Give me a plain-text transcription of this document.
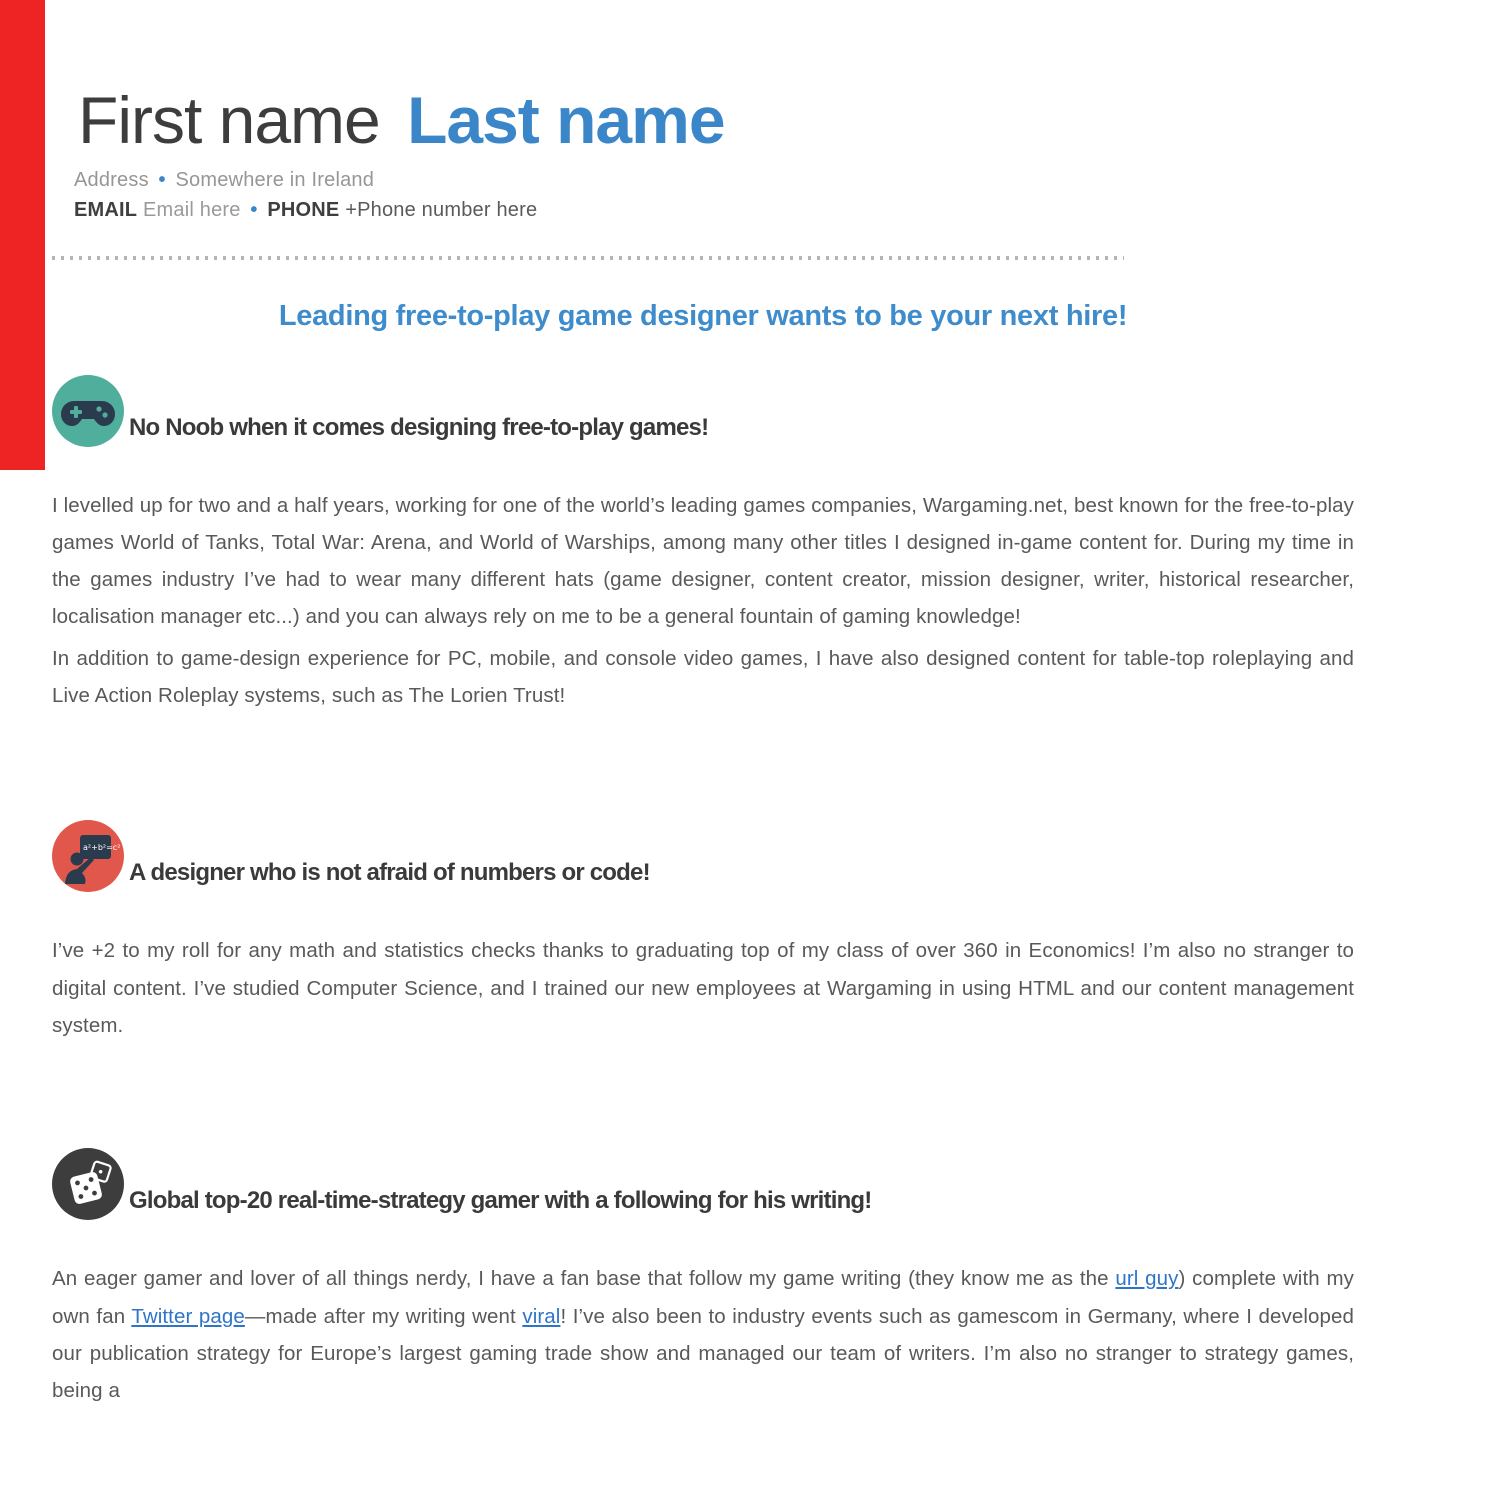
First name Last name
Address • Somewhere in Ireland
EMAIL Email here • PHONE +Phone number here
Leading free-to-play game designer wants to be your next hire!
No Noob when it comes designing free-to-play games!

I levelled up for two and a half years, working for one of the world’s leading games companies, Wargaming.net, best known for the free-to-play games World of Tanks, Total War: Arena, and World of Warships, among many other titles I designed in-game content for. During my time in the games industry I’ve had to wear many different hats (game designer, content creator, mission designer, writer, historical researcher, localisation manager etc...) and you can always rely on me to be a general fountain of gaming knowledge!

In addition to game-design experience for PC, mobile, and console video games, I have also designed content for table-top roleplaying and Live Action Roleplay systems, such as The Lorien Trust!

a²+b²=c²
A designer who is not afraid of numbers or code!

I’ve +2 to my roll for any math and statistics checks thanks to graduating top of my class of over 360 in Economics! I’m also no stranger to digital content. I’ve studied Computer Science, and I trained our new employees at Wargaming in using HTML and our content management system.

Global top-20 real-time-strategy gamer with a following for his writing!

An eager gamer and lover of all things nerdy, I have a fan base that follow my game writing (they know me as the url guy) complete with my own fan Twitter page—made after my writing went viral! I’ve also been to industry events such as gamescom in Germany, where I developed our publication strategy for Europe’s largest gaming trade show and managed our team of writers. I’m also no stranger to strategy games, being a
